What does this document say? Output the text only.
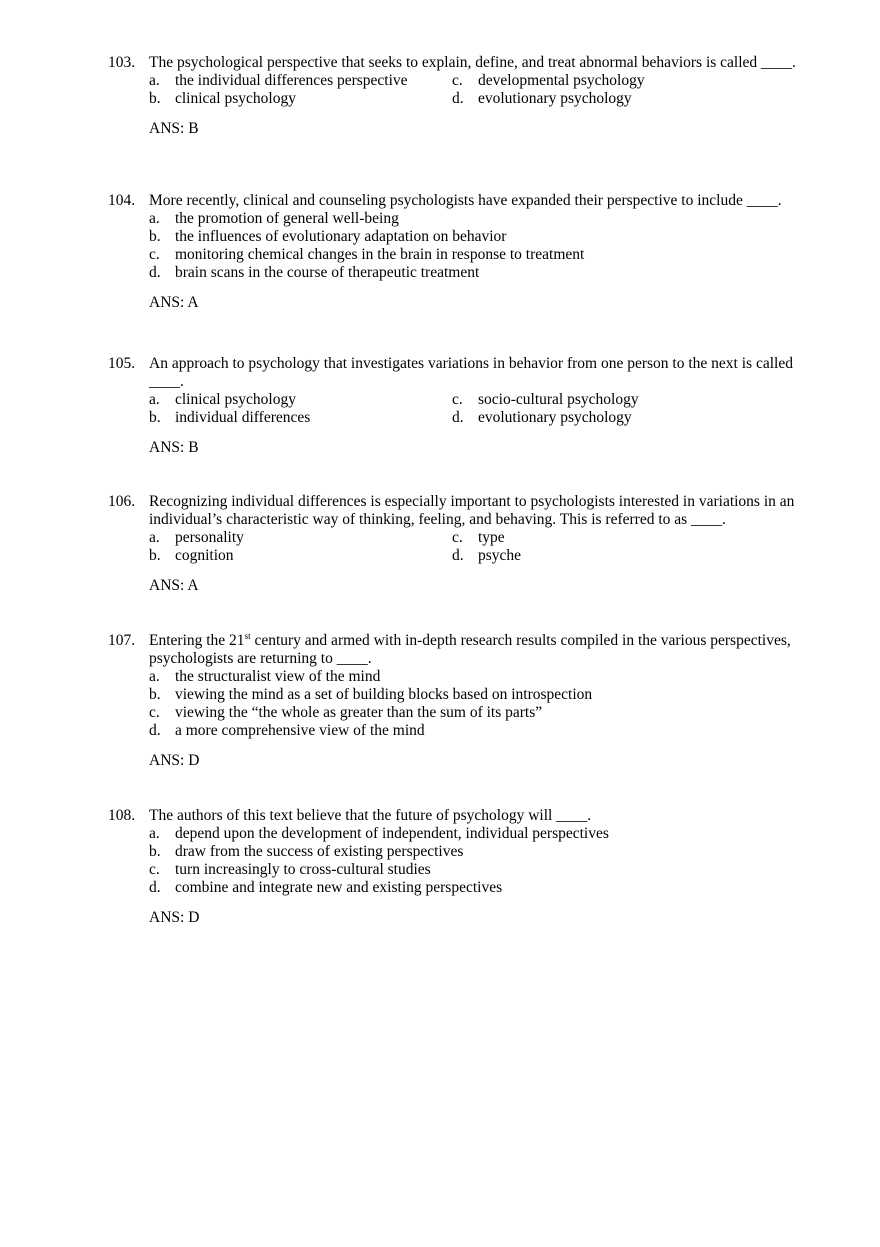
103. The psychological perspective that seeks to explain, define, and treat abnormal behaviors is called ____.
a. the individual differences perspective	c. developmental psychology
b. clinical psychology	d. evolutionary psychology
ANS: B
104. More recently, clinical and counseling psychologists have expanded their perspective to include ____.
a. the promotion of general well-being
b. the influences of evolutionary adaptation on behavior
c. monitoring chemical changes in the brain in response to treatment
d. brain scans in the course of therapeutic treatment
ANS: A
105. An approach to psychology that investigates variations in behavior from one person to the next is called ____.
a. clinical psychology	c. socio-cultural psychology
b. individual differences	d. evolutionary psychology
ANS: B
106. Recognizing individual differences is especially important to psychologists interested in variations in an individual’s characteristic way of thinking, feeling, and behaving. This is referred to as ____.
a. personality	c. type
b. cognition	d. psyche
ANS: A
107. Entering the 21st century and armed with in-depth research results compiled in the various perspectives, psychologists are returning to ____.
a. the structuralist view of the mind
b. viewing the mind as a set of building blocks based on introspection
c. viewing the “the whole as greater than the sum of its parts”
d. a more comprehensive view of the mind
ANS: D
108. The authors of this text believe that the future of psychology will ____.
a. depend upon the development of independent, individual perspectives
b. draw from the success of existing perspectives
c. turn increasingly to cross-cultural studies
d. combine and integrate new and existing perspectives
ANS: D
